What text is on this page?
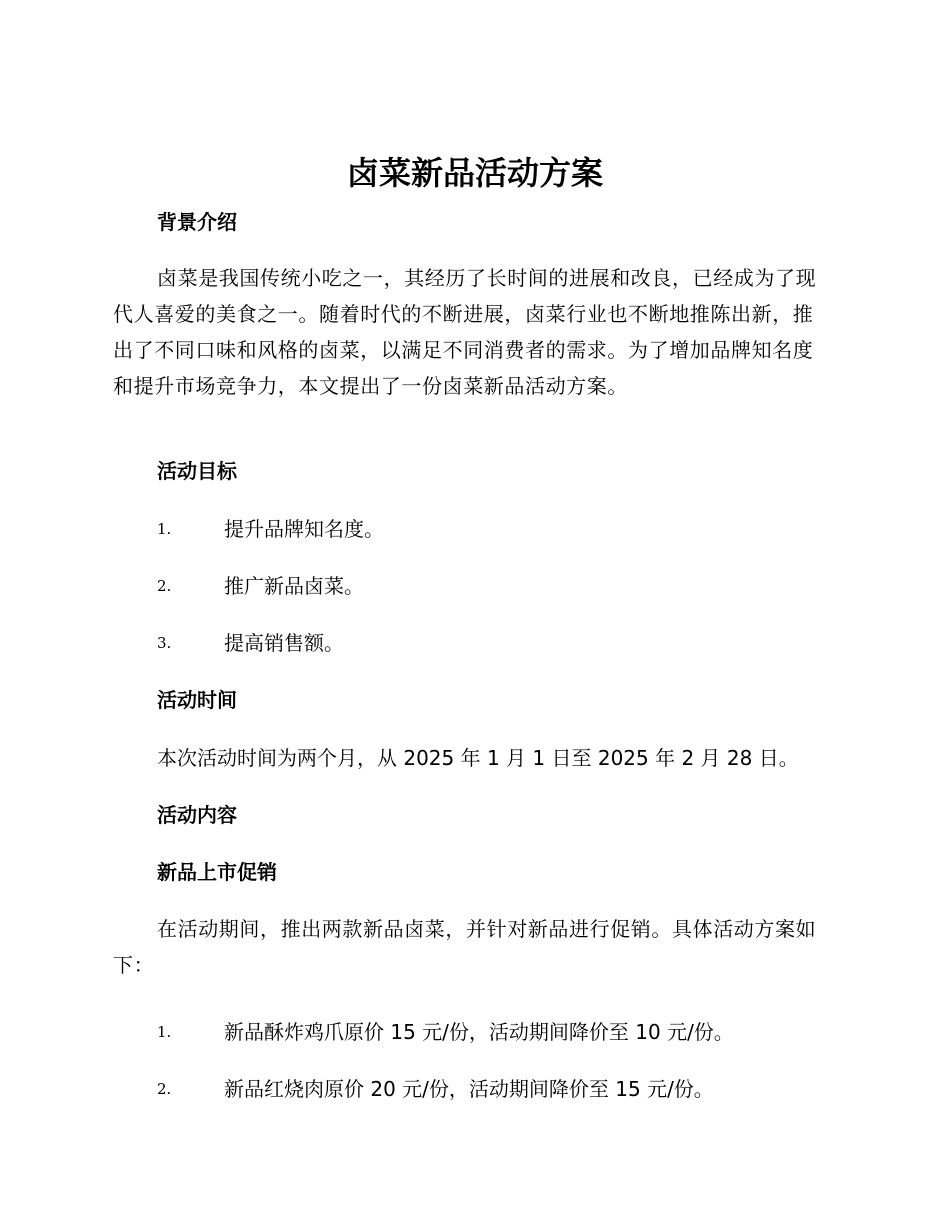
卤菜新品活动方案
背景介绍

卤菜是我国传统小吃之一，其经历了长时间的进展和改良，已经成为了现代人喜爱的美食之一。随着时代的不断进展，卤菜行业也不断地推陈出新，推出了不同口味和风格的卤菜，以满足不同消费者的需求。为了增加品牌知名度和提升市场竞争力，本文提出了一份卤菜新品活动方案。

活动目标
1.	提升品牌知名度。
2.	推广新品卤菜。
3.	提高销售额。
活动时间

本次活动时间为两个月，从 2025 年 1 月 1 日至 2025 年 2 月 28 日。

活动内容
新品上市促销

在活动期间，推出两款新品卤菜，并针对新品进行促销。具体活动方案如下：

1.	新品酥炸鸡爪原价 15 元/份，活动期间降价至 10 元/份。
2.	新品红烧肉原价 20 元/份，活动期间降价至 15 元/份。
